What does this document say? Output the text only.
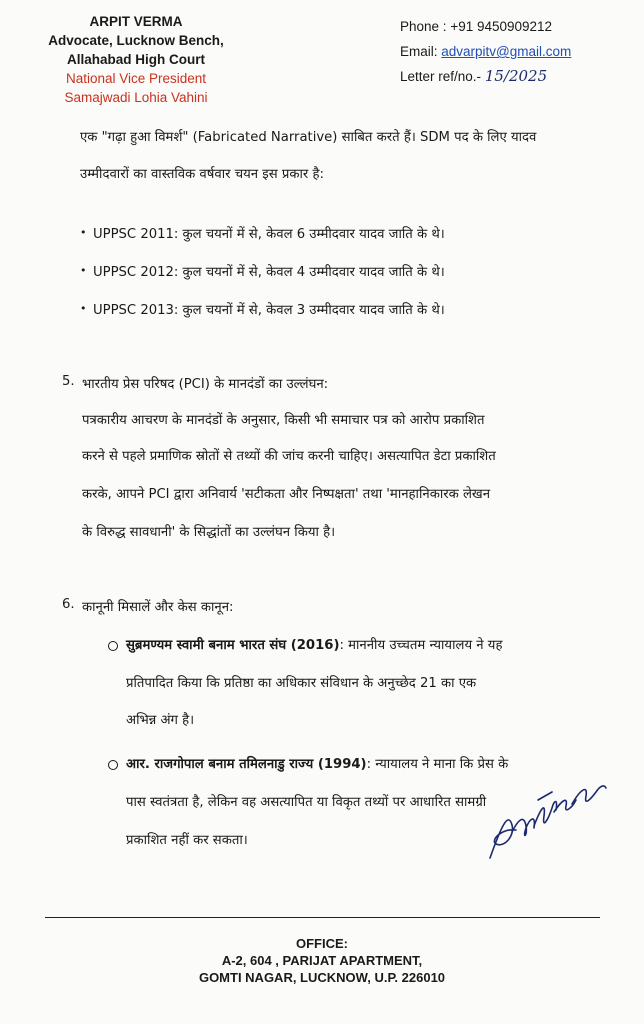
ARPIT VERMA
Advocate, Lucknow Bench,
Allahabad High Court
National Vice President
Samajwadi Lohia Vahini
Phone : +91 9450909212
Email: advarpitv@gmail.com
Letter ref/no.- 15/2025
एक "गढ़ा हुआ विमर्श" (Fabricated Narrative) साबित करते हैं। SDM पद के लिए यादव
उम्मीदवारों का वास्तविक वर्षवार चयन इस प्रकार है:
• UPPSC 2011: कुल चयनों में से, केवल 6 उम्मीदवार यादव जाति के थे।
• UPPSC 2012: कुल चयनों में से, केवल 4 उम्मीदवार यादव जाति के थे।
• UPPSC 2013: कुल चयनों में से, केवल 3 उम्मीदवार यादव जाति के थे।
5. भारतीय प्रेस परिषद (PCI) के मानदंडों का उल्लंघन:
पत्रकारीय आचरण के मानदंडों के अनुसार, किसी भी समाचार पत्र को आरोप प्रकाशित
करने से पहले प्रमाणिक स्रोतों से तथ्यों की जांच करनी चाहिए। असत्यापित डेटा प्रकाशित
करके, आपने PCI द्वारा अनिवार्य 'सटीकता और निष्पक्षता' तथा 'मानहानिकारक लेखन
के विरुद्ध सावधानी' के सिद्धांतों का उल्लंघन किया है।
6. कानूनी मिसालें और केस कानून:
सुब्रमण्यम स्वामी बनाम भारत संघ (2016): माननीय उच्चतम न्यायालय ने यह
प्रतिपादित किया कि प्रतिष्ठा का अधिकार संविधान के अनुच्छेद 21 का एक
अभिन्न अंग है।
आर. राजगोपाल बनाम तमिलनाडु राज्य (1994): न्यायालय ने माना कि प्रेस के
पास स्वतंत्रता है, लेकिन वह असत्यापित या विकृत तथ्यों पर आधारित सामग्री
प्रकाशित नहीं कर सकता।
OFFICE:
A-2, 604 , PARIJAT APARTMENT,
GOMTI NAGAR, LUCKNOW, U.P. 226010
